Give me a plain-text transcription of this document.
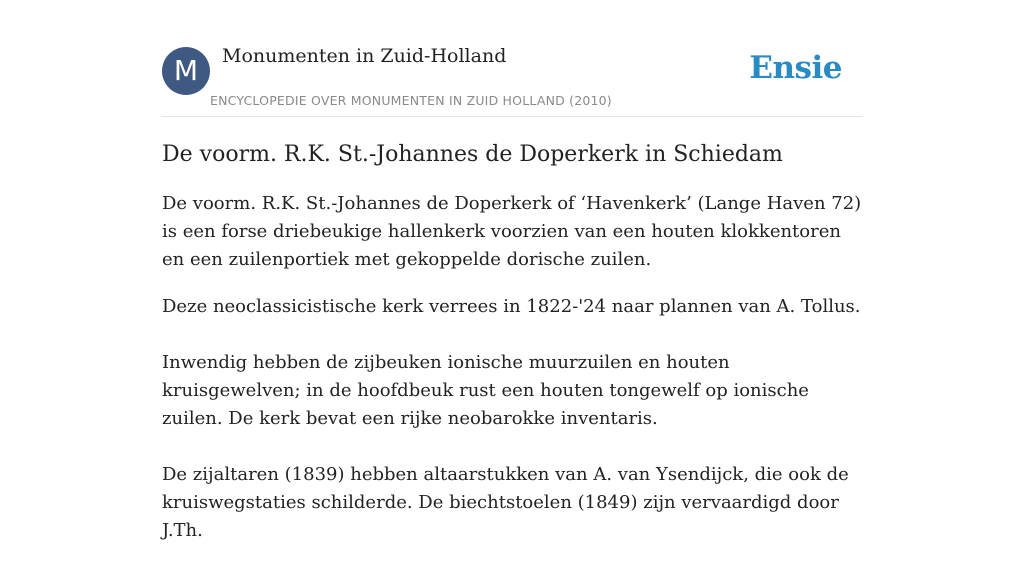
M	Monumenten in Zuid-Holland
ENCYCLOPEDIE OVER MONUMENTEN IN ZUID HOLLAND (2010)
Ensie
De voorm. R.K. St.-Johannes de Doperkerk in Schiedam

De voorm. R.K. St.-Johannes de Doperkerk of ‘Havenkerk’ (Lange Haven 72) is een forse driebeukige hallenkerk voorzien van een houten klokkentoren en een zuilenportiek met gekoppelde dorische zuilen.

Deze neoclassicistische kerk verrees in 1822-'24 naar plannen van A. Tollus.

Inwendig hebben de zijbeuken ionische muurzuilen en houten kruisgewelven; in de hoofdbeuk rust een houten tongewelf op ionische zuilen. De kerk bevat een rijke neobarokke inventaris.

De zijaltaren (1839) hebben altaarstukken van A. van Ysendijck, die ook de kruiswegstaties schilderde. De biechtstoelen (1849) zijn vervaardigd door J.Th.
